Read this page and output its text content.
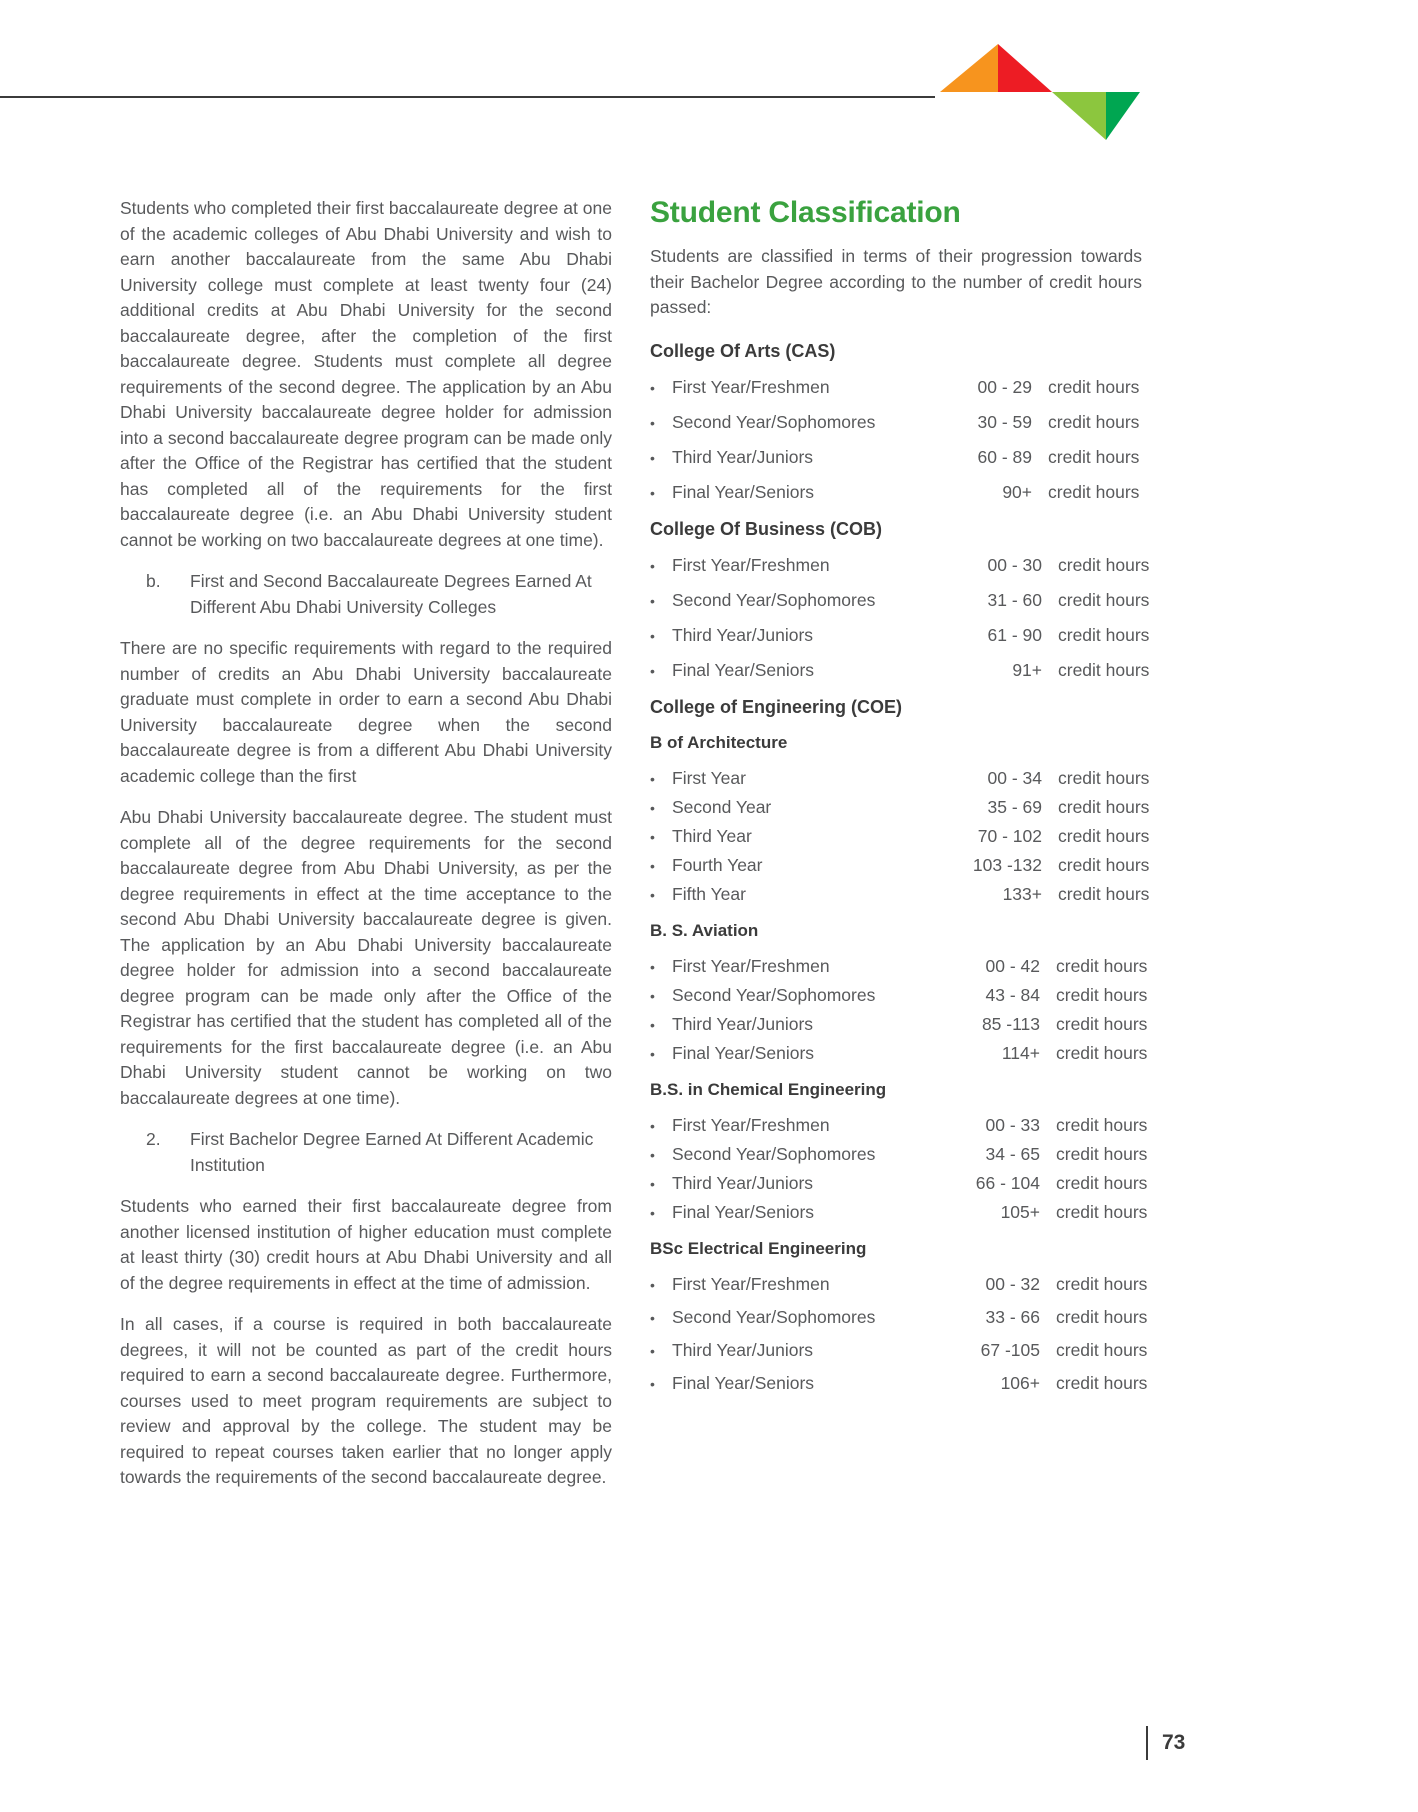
Students who completed their first baccalaureate degree at one of the academic colleges of Abu Dhabi University and wish to earn another baccalaureate from the same Abu Dhabi University college must complete at least twenty four (24) additional credits at Abu Dhabi University for the second baccalaureate degree, after the completion of the first baccalaureate degree. Students must complete all degree requirements of the second degree. The application by an Abu Dhabi University baccalaureate degree holder for admission into a second baccalaureate degree program can be made only after the Office of the Registrar has certified that the student has completed all of the requirements for the first baccalaureate degree (i.e. an Abu Dhabi University student cannot be working on two baccalaureate degrees at one time).

b.	First and Second Baccalaureate Degrees Earned At Different Abu Dhabi University Colleges

There are no specific requirements with regard to the required number of credits an Abu Dhabi University baccalaureate graduate must complete in order to earn a second Abu Dhabi University baccalaureate degree when the second baccalaureate degree is from a different Abu Dhabi University academic college than the first

Abu Dhabi University baccalaureate degree. The student must complete all of the degree requirements for the second baccalaureate degree from Abu Dhabi University, as per the degree requirements in effect at the time acceptance to the second Abu Dhabi University baccalaureate degree is given. The application by an Abu Dhabi University baccalaureate degree holder for admission into a second baccalaureate degree program can be made only after the Office of the Registrar has certified that the student has completed all of the requirements for the first baccalaureate degree (i.e. an Abu Dhabi University student cannot be working on two baccalaureate degrees at one time).

2.	First Bachelor Degree Earned At Different Academic Institution

Students who earned their first baccalaureate degree from another licensed institution of higher education must complete at least thirty (30) credit hours at Abu Dhabi University and all of the degree requirements in effect at the time of admission.

In all cases, if a course is required in both baccalaureate degrees, it will not be counted as part of the credit hours required to earn a second baccalaureate degree. Furthermore, courses used to meet program requirements are subject to review and approval by the college. The student may be required to repeat courses taken earlier that no longer apply towards the requirements of the second baccalaureate degree.

Student Classification

Students are classified in terms of their progression towards their Bachelor Degree according to the number of credit hours passed:

College Of Arts (CAS)
• First Year/Freshmen	00 - 29 credit hours
• Second Year/Sophomores	30 - 59 credit hours
• Third Year/Juniors	60 - 89 credit hours
• Final Year/Seniors	90+ credit hours
College Of Business (COB)
• First Year/Freshmen	00 - 30 credit hours
• Second Year/Sophomores	31 - 60 credit hours
• Third Year/Juniors	61 - 90 credit hours
• Final Year/Seniors	91+ credit hours
College of Engineering (COE)
B of Architecture
• First Year	00 - 34 credit hours
• Second Year	35 - 69 credit hours
• Third Year	70 - 102 credit hours
• Fourth Year	103 -132 credit hours
• Fifth Year	133+ credit hours
B. S. Aviation
• First Year/Freshmen	00 - 42 credit hours
• Second Year/Sophomores	43 - 84 credit hours
• Third Year/Juniors	85 -113 credit hours
• Final Year/Seniors	114+ credit hours
B.S. in Chemical Engineering
• First Year/Freshmen	00 - 33 credit hours
• Second Year/Sophomores	34 - 65 credit hours
• Third Year/Juniors	66 - 104 credit hours
• Final Year/Seniors	105+ credit hours
BSc Electrical Engineering
• First Year/Freshmen	00 - 32 credit hours
• Second Year/Sophomores	33 - 66 credit hours
• Third Year/Juniors	67 -105 credit hours
• Final Year/Seniors	106+ credit hours
73
